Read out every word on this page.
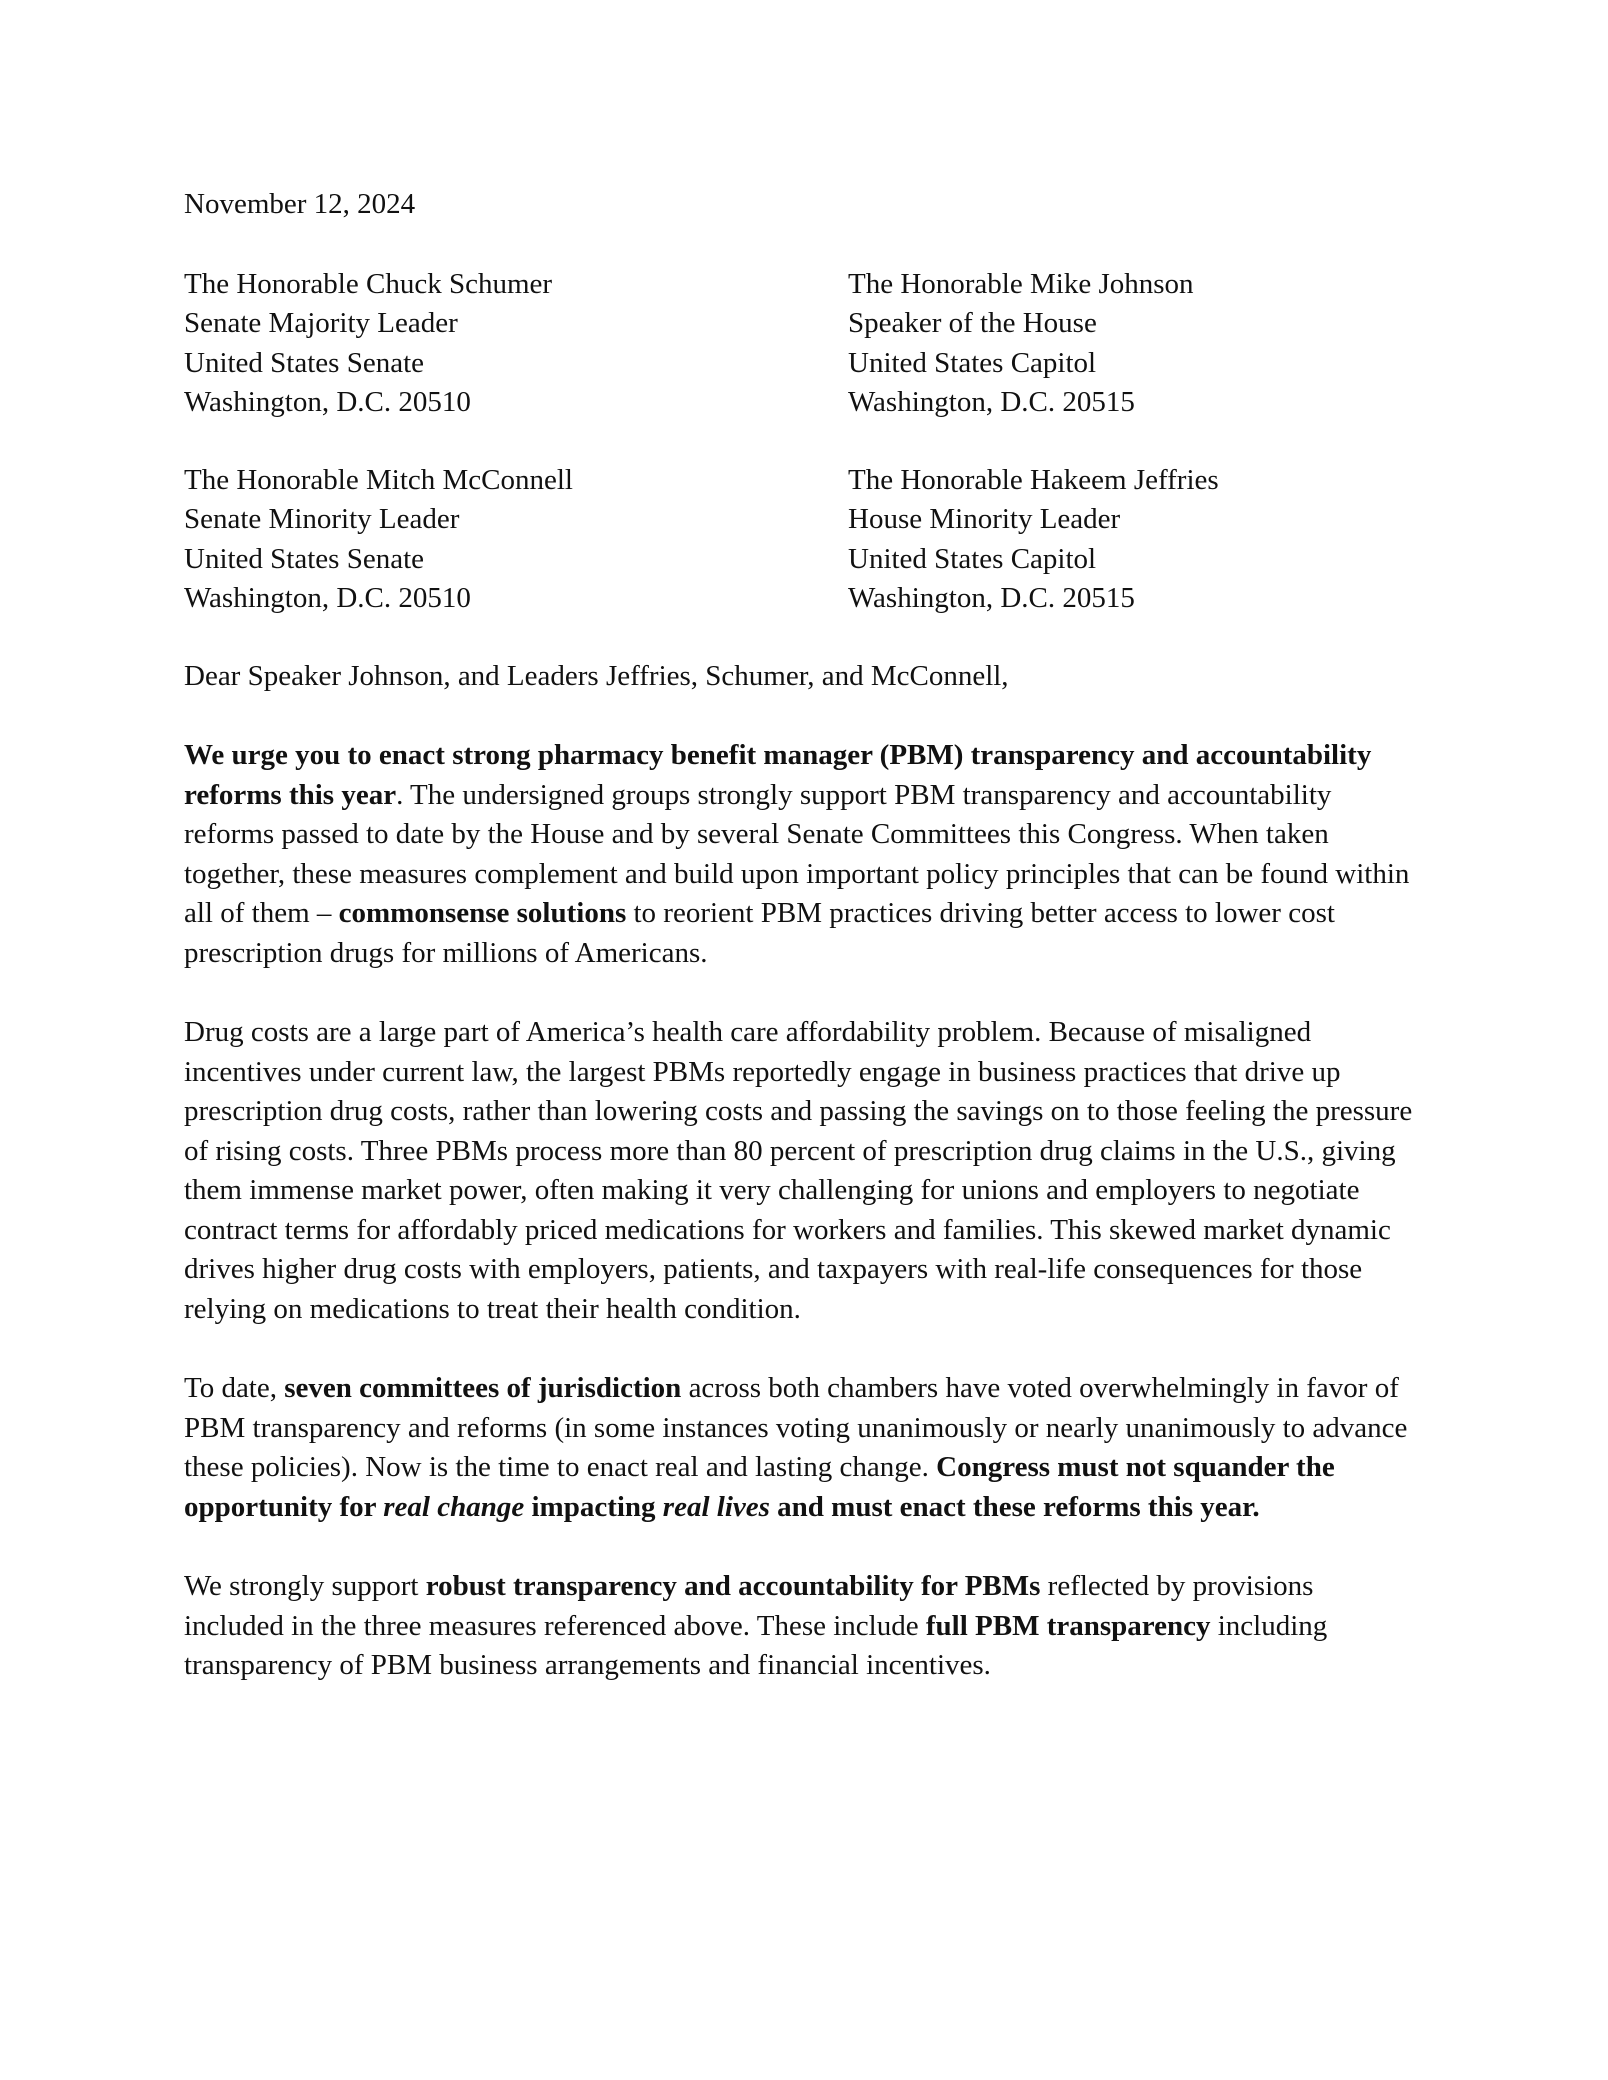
November 12, 2024
The Honorable Chuck Schumer
Senate Majority Leader
United States Senate
Washington, D.C. 20510
The Honorable Mike Johnson
Speaker of the House
United States Capitol
Washington, D.C. 20515
The Honorable Mitch McConnell
Senate Minority Leader
United States Senate
Washington, D.C. 20510
The Honorable Hakeem Jeffries
House Minority Leader
United States Capitol
Washington, D.C. 20515
Dear Speaker Johnson, and Leaders Jeffries, Schumer, and McConnell,

We urge you to enact strong pharmacy benefit manager (PBM) transparency and accountability reforms this year. The undersigned groups strongly support PBM transparency and accountability reforms passed to date by the House and by several Senate Committees this Congress. When taken together, these measures complement and build upon important policy principles that can be found within all of them – commonsense solutions to reorient PBM practices driving better access to lower cost prescription drugs for millions of Americans.

Drug costs are a large part of America’s health care affordability problem. Because of misaligned incentives under current law, the largest PBMs reportedly engage in business practices that drive up prescription drug costs, rather than lowering costs and passing the savings on to those feeling the pressure of rising costs. Three PBMs process more than 80 percent of prescription drug claims in the U.S., giving them immense market power, often making it very challenging for unions and employers to negotiate contract terms for affordably priced medications for workers and families. This skewed market dynamic drives higher drug costs with employers, patients, and taxpayers with real-life consequences for those relying on medications to treat their health condition.

To date, seven committees of jurisdiction across both chambers have voted overwhelmingly in favor of PBM transparency and reforms (in some instances voting unanimously or nearly unanimously to advance these policies). Now is the time to enact real and lasting change. Congress must not squander the opportunity for real change impacting real lives and must enact these reforms this year.

We strongly support robust transparency and accountability for PBMs reflected by provisions included in the three measures referenced above. These include full PBM transparency including transparency of PBM business arrangements and financial incentives.
